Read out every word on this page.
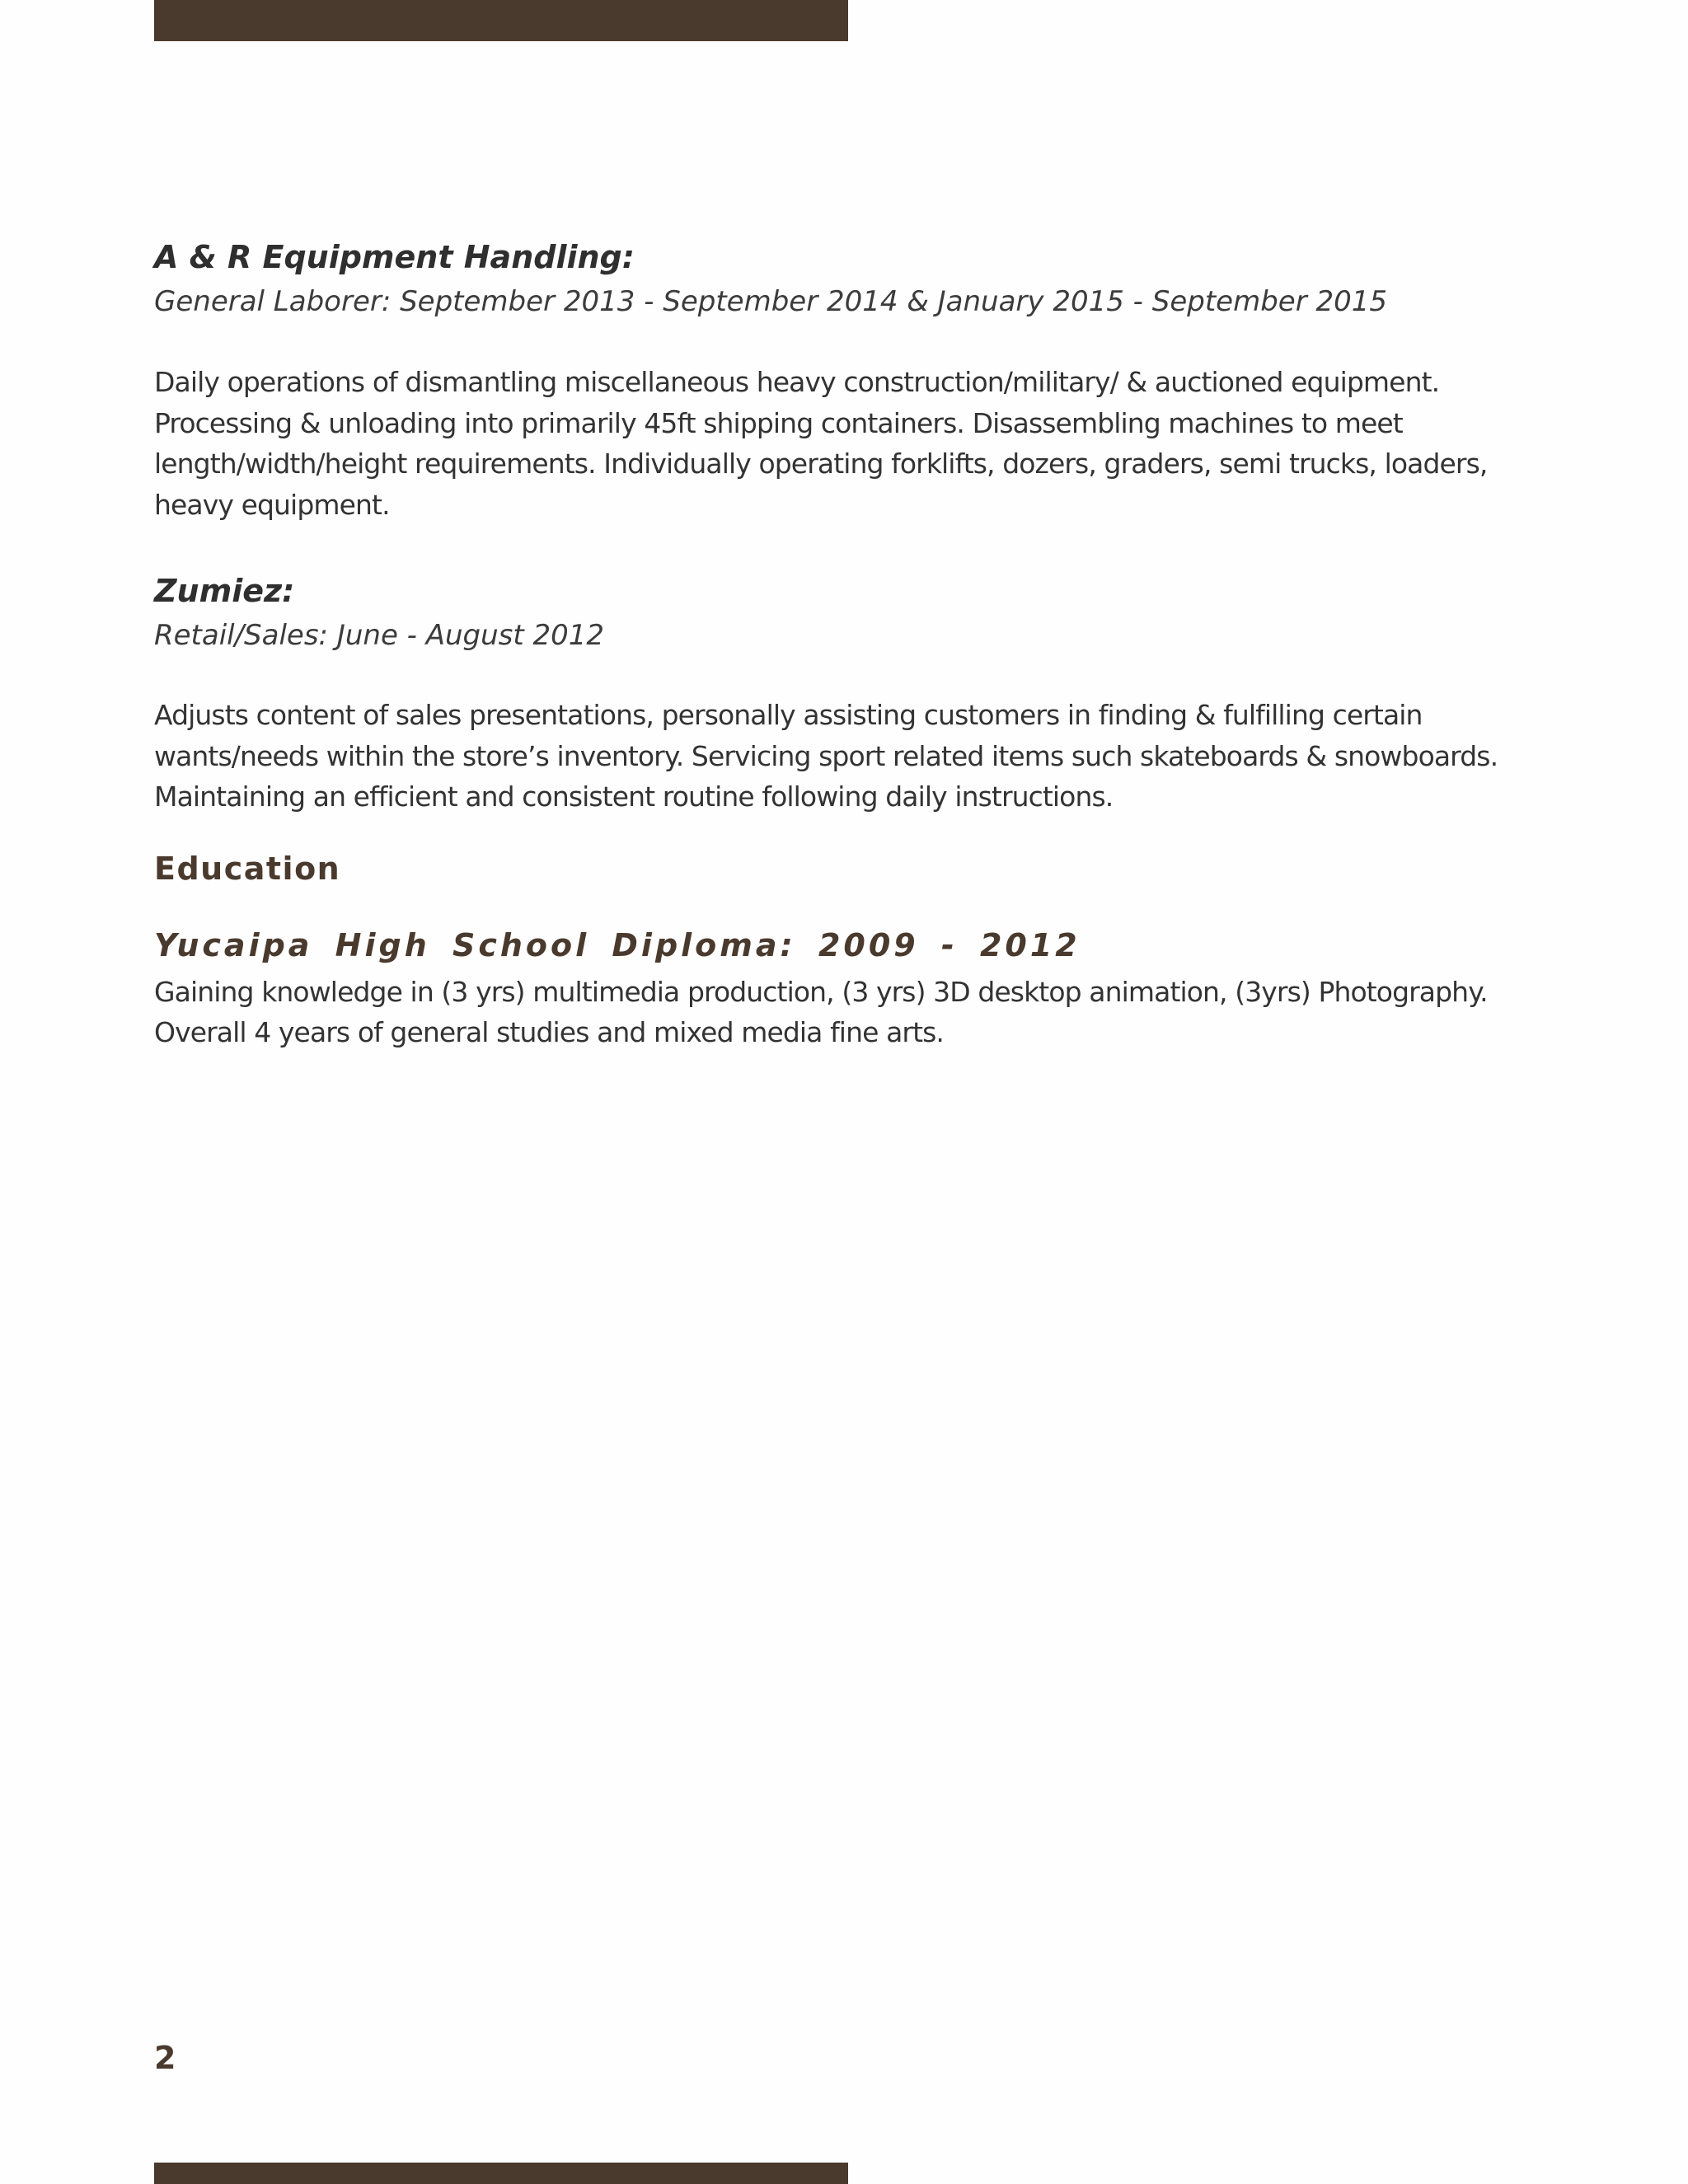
A & R Equipment Handling:

General Laborer: September 2013 - September 2014 & January 2015 - September 2015

Daily operations of dismantling miscellaneous heavy construction/military/ & auctioned equipment. Processing & unloading into primarily 45ft shipping containers. Disassembling machines to meet length/width/height requirements. Individually operating forklifts, dozers, graders, semi trucks, loaders, heavy equipment.

Zumiez:

Retail/Sales: June - August 2012

Adjusts content of sales presentations, personally assisting customers in finding & fulfilling certain wants/needs within the store’s inventory. Servicing sport related items such skateboards & snowboards. Maintaining an efficient and consistent routine following daily instructions.

Education
Yucaipa High School Diploma: 2009 - 2012

Gaining knowledge in (3 yrs) multimedia production, (3 yrs) 3D desktop animation, (3yrs) Photography. Overall 4 years of general studies and mixed media fine arts.

2
